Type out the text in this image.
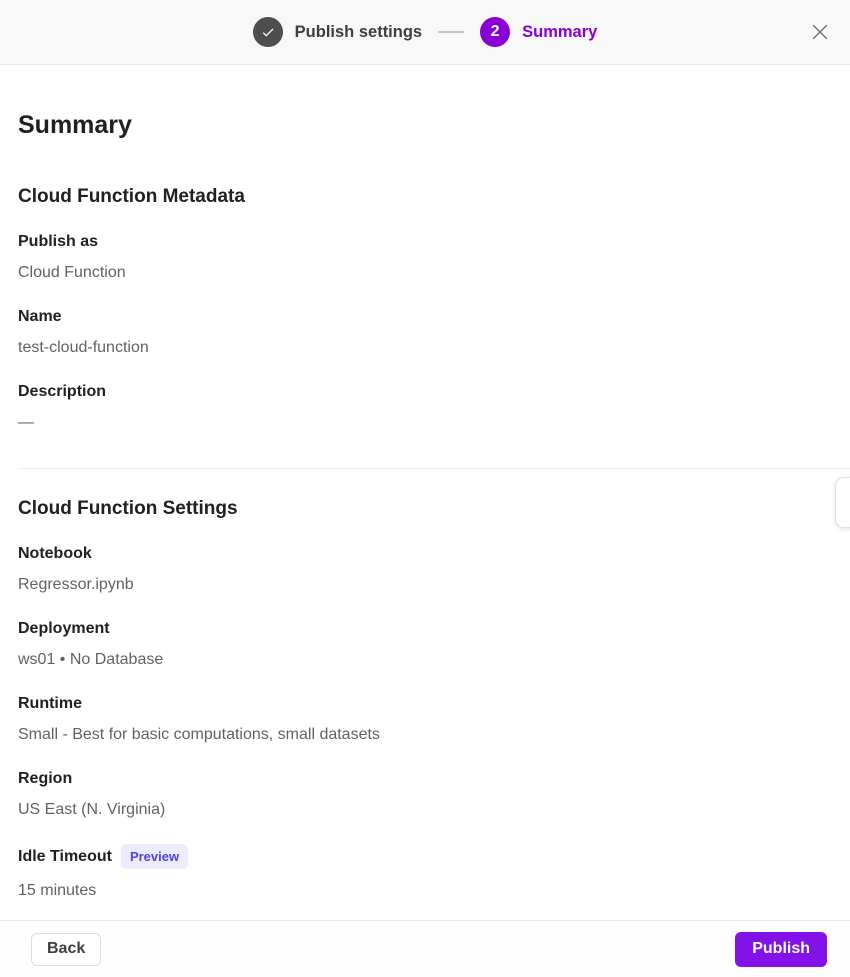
Publish settings	2 Summary
Summary
Cloud Function Metadata
Publish as
Cloud Function
Name
test-cloud-function
Description
—
Cloud Function Settings
Notebook
Regressor.ipynb
Deployment
ws01 • No Database
Runtime
Small - Best for basic computations, small datasets
Region
US East (N. Virginia)
Idle Timeout	Preview
15 minutes
Back	Publish
